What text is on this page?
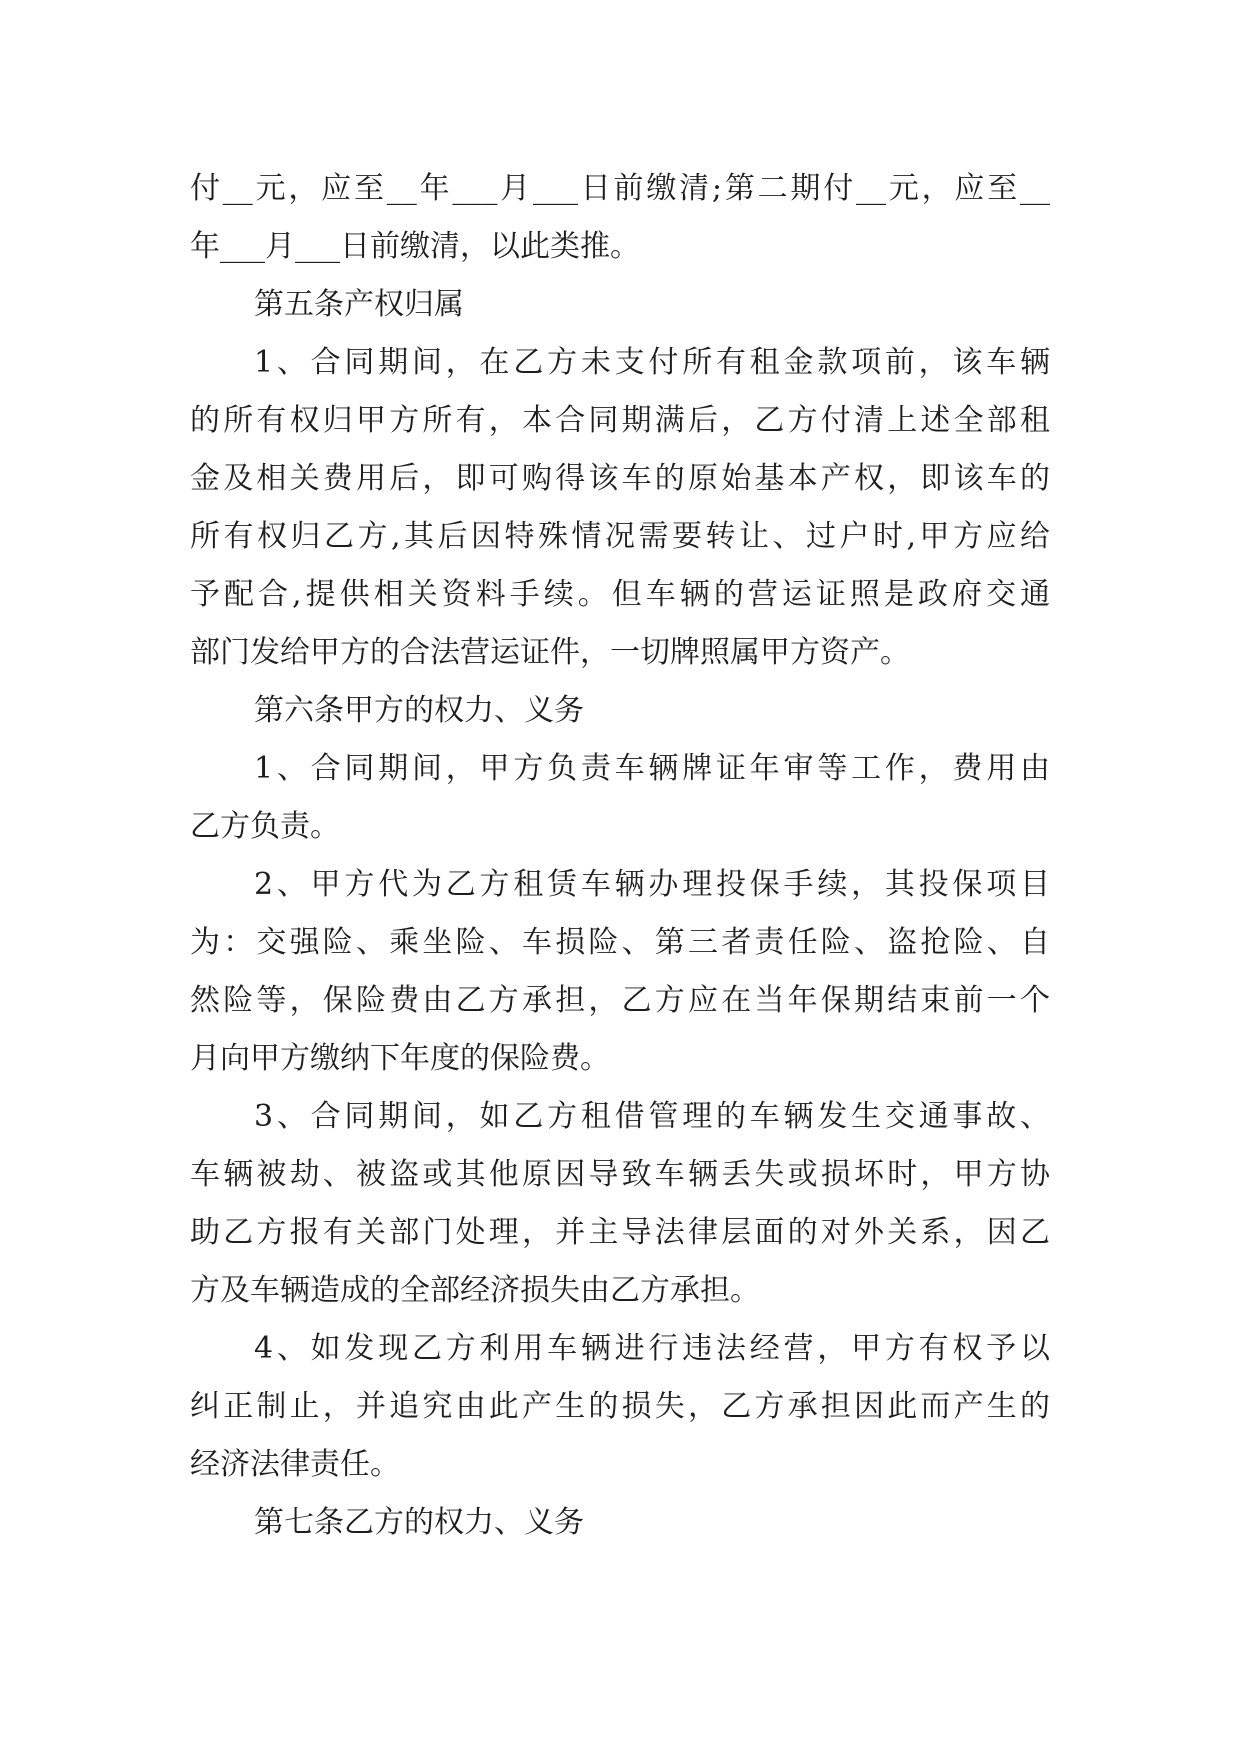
付__元，应至__年___月___日前缴清;第二期付__元，应至__
年___月___日前缴清，以此类推。
第五条产权归属
1、合同期间，在乙方未支付所有租金款项前，该车辆
的所有权归甲方所有，本合同期满后，乙方付清上述全部租
金及相关费用后，即可购得该车的原始基本产权，即该车的
所有权归乙方,其后因特殊情况需要转让、过户时,甲方应给
予配合,提供相关资料手续。但车辆的营运证照是政府交通
部门发给甲方的合法营运证件，一切牌照属甲方资产。
第六条甲方的权力、义务
1、合同期间，甲方负责车辆牌证年审等工作，费用由
乙方负责。
2、甲方代为乙方租赁车辆办理投保手续，其投保项目
为：交强险、乘坐险、车损险、第三者责任险、盗抢险、自
然险等，保险费由乙方承担，乙方应在当年保期结束前一个
月向甲方缴纳下年度的保险费。
3、合同期间，如乙方租借管理的车辆发生交通事故、
车辆被劫、被盗或其他原因导致车辆丢失或损坏时，甲方协
助乙方报有关部门处理，并主导法律层面的对外关系，因乙
方及车辆造成的全部经济损失由乙方承担。
4、如发现乙方利用车辆进行违法经营，甲方有权予以
纠正制止，并追究由此产生的损失，乙方承担因此而产生的
经济法律责任。
第七条乙方的权力、义务
